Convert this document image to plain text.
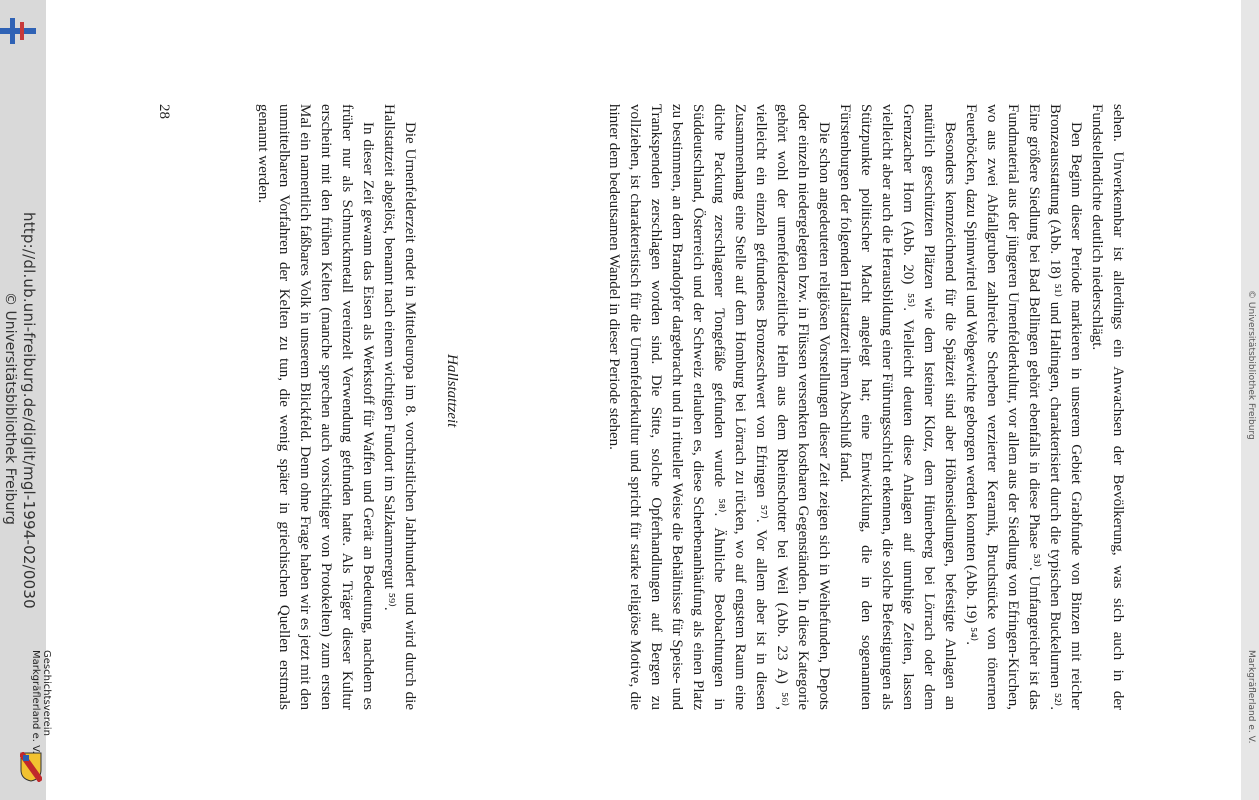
sehen. Unverkennbar ist allerdings ein Anwachsen der Bevölkerung, was sich auch in der Fundstellendichte deutlich niederschlägt.

Den Beginn dieser Periode markieren in unserem Gebiet Grabfunde von Binzen mit reicher Bronzeausstattung (Abb. 18) ⁵¹⁾ und Haltingen, charakterisiert durch die typischen Buckelurnen ⁵²⁾. Eine größere Siedlung bei Bad Bellingen gehört ebenfalls in diese Phase ⁵³⁾. Umfangreicher ist das Fundmaterial aus der jüngeren Urnenfelderkultur, vor allem aus der Siedlung von Efringen-Kirchen, wo aus zwei Abfallgruben zahlreiche Scherben verzierter Keramik, Bruchstücke von tönernen Feuerböcken, dazu Spinnwirtel und Webgewichte geborgen werden konnten (Abb. 19) ⁵⁴⁾.

Besonders kennzeichnend für die Spätzeit sind aber Höhensiedlungen, befestigte Anlagen an natürlich geschützten Plätzen wie dem Isteiner Klotz, dem Hünerberg bei Lörrach oder dem Grenzacher Horn (Abb. 20) ⁵⁵⁾. Vielleicht deuten diese Anlagen auf unruhige Zeiten, lassen vielleicht aber auch die Herausbildung einer Führungsschicht erkennen, die solche Befestigungen als Stützpunkte politischer Macht angelegt hat; eine Entwicklung, die in den sogenannten Fürstenburgen der folgenden Hallstattzeit ihren Abschluß fand.

Die schon angedeuteten religiösen Vorstellungen dieser Zeit zeigen sich in Weihefunden, Depots oder einzeln niedergelegten bzw. in Flüssen versenkten kostbaren Gegenständen. In diese Kategorie gehört wohl der urnenfelderzeitliche Helm aus dem Rheinschotter bei Weil (Abb. 23 A) ⁵⁶⁾, vielleicht ein einzeln gefundenes Bronzeschwert von Efringen ⁵⁷⁾. Vor allem aber ist in diesen Zusammenhang eine Stelle auf dem Homburg bei Lörrach zu rücken, wo auf engstem Raum eine dichte Packung zerschlagener Tongefäße gefunden wurde ⁵⁸⁾. Ähnliche Beobachtungen in Süddeutschland, Österreich und der Schweiz erlauben es, diese Scherbenanhäufung als einen Platz zu bestimmen, an dem Brandopfer dargebracht und in ritueller Weise die Behältnisse für Speise- und Trankspenden zerschlagen worden sind. Die Sitte, solche Opferhandlungen auf Bergen zu vollziehen, ist charakteristisch für die Urnenfelderkultur und spricht für starke religiöse Motive, die hinter dem bedeutsamen Wandel in dieser Periode stehen.

Hallstattzeit

Die Urnenfelderzeit endet in Mitteleuropa im 8. vorchristlichen Jahrhundert und wird durch die Hallstattzeit abgelöst, benannt nach einem wichtigen Fundort im Salzkammergut ⁵⁹⁾.

In dieser Zeit gewann das Eisen als Werkstoff für Waffen und Gerät an Bedeutung, nachdem es früher nur als Schmuckmetall vereinzelt Verwendung gefunden hatte. Als Träger dieser Kultur erscheint mit den frühen Kelten (manche sprechen auch vorsichtiger von Protokelten) zum ersten Mal ein namentlich faßbares Volk in unserem Blickfeld. Denn ohne Frage haben wir es jetzt mit den unmittelbaren Vorfahren der Kelten zu tun, die wenig später in griechischen Quellen erstmals genannt werden.

28
http://dl.ub.uni-freiburg.de/diglit/mgl-1994-02/0030
© Universitätsbibliothek Freiburg
Geschichtsverein
Markgräflerland e. V.
© Universitätsbibliothek Freiburg
Markgräflerland e. V.
